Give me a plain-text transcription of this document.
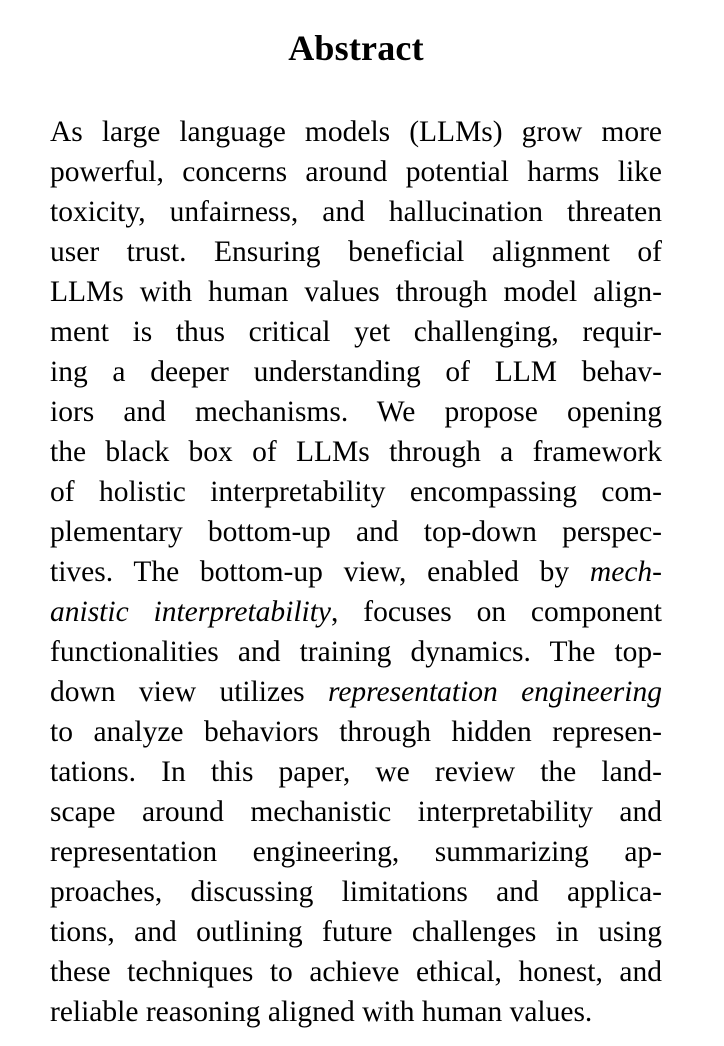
Abstract
As large language models (LLMs) grow more
powerful, concerns around potential harms like
toxicity, unfairness, and hallucination threaten
user trust. Ensuring beneficial alignment of
LLMs with human values through model align-
ment is thus critical yet challenging, requir-
ing a deeper understanding of LLM behav-
iors and mechanisms. We propose opening
the black box of LLMs through a framework
of holistic interpretability encompassing com-
plementary bottom-up and top-down perspec-
tives. The bottom-up view, enabled by mech-
anistic interpretability, focuses on component
functionalities and training dynamics. The top-
down view utilizes representation engineering
to analyze behaviors through hidden represen-
tations. In this paper, we review the land-
scape around mechanistic interpretability and
representation engineering, summarizing ap-
proaches, discussing limitations and applica-
tions, and outlining future challenges in using
these techniques to achieve ethical, honest, and
reliable reasoning aligned with human values.
